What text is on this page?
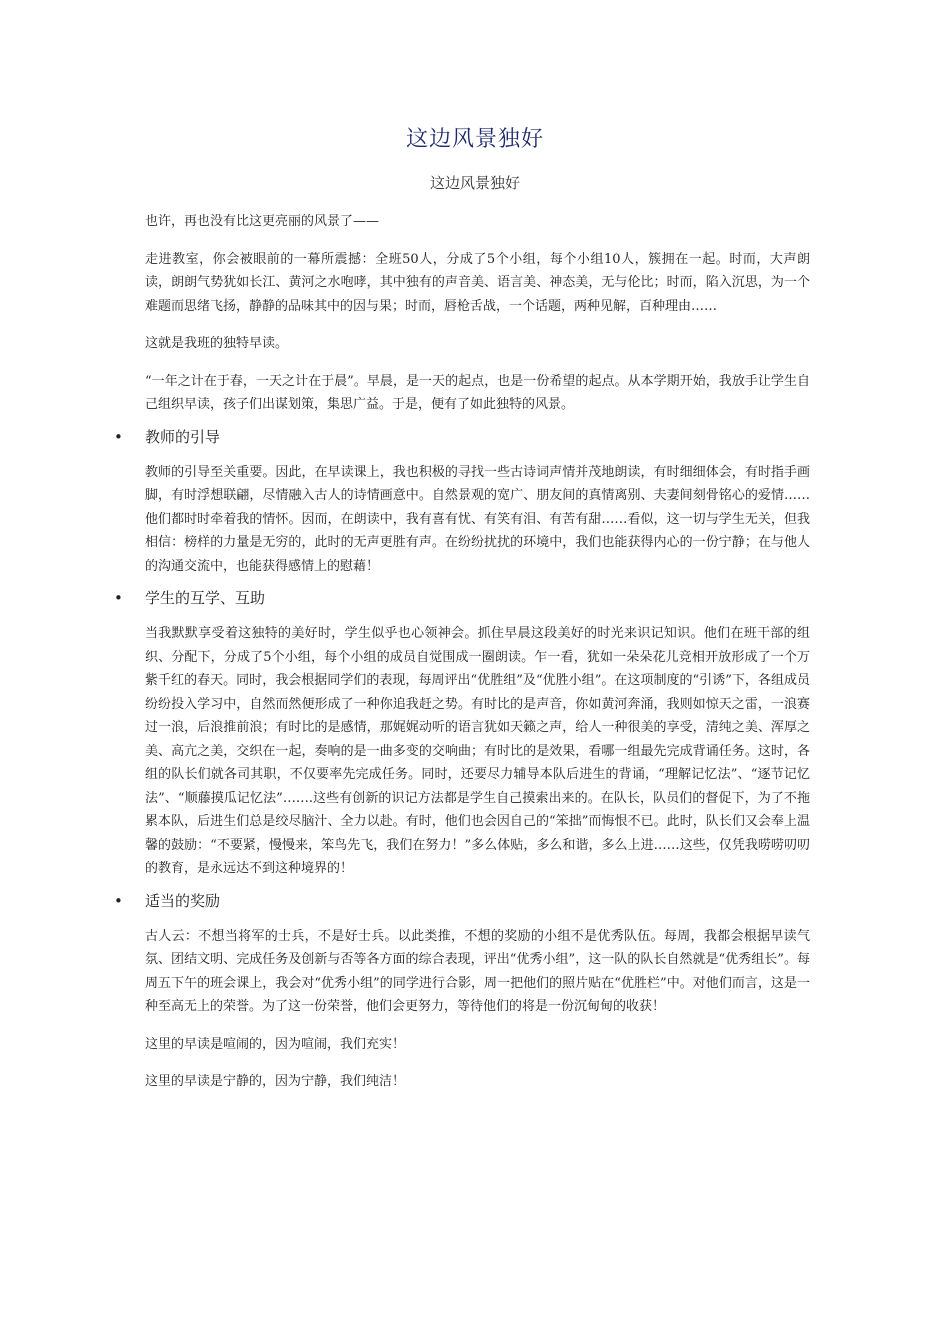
这边风景独好
这边风景独好

也许，再也没有比这更亮丽的风景了——

走进教室，你会被眼前的一幕所震撼：全班50人，分成了5个小组，每个小组10人，簇拥在一起。时而，大声朗读，朗朗气势犹如长江、黄河之水咆哮，其中独有的声音美、语言美、神态美，无与伦比；时而，陷入沉思，为一个难题而思绪飞扬，静静的品味其中的因与果；时而，唇枪舌战，一个话题，两种见解，百种理由……

这就是我班的独特早读。

“一年之计在于春，一天之计在于晨”。早晨，是一天的起点，也是一份希望的起点。从本学期开始，我放手让学生自己组织早读，孩子们出谋划策，集思广益。于是，便有了如此独特的风景。

• 教师的引导

教师的引导至关重要。因此，在早读课上，我也积极的寻找一些古诗词声情并茂地朗读，有时细细体会，有时指手画脚，有时浮想联翩，尽情融入古人的诗情画意中。自然景观的宽广、朋友间的真情离别、夫妻间刻骨铭心的爱情……他们都时时牵着我的情怀。因而，在朗读中，我有喜有忧、有笑有泪、有苦有甜……看似，这一切与学生无关，但我相信：榜样的力量是无穷的，此时的无声更胜有声。在纷纷扰扰的环境中，我们也能获得内心的一份宁静；在与他人的沟通交流中，也能获得感情上的慰藉！

• 学生的互学、互助

当我默默享受着这独特的美好时，学生似乎也心领神会。抓住早晨这段美好的时光来识记知识。他们在班干部的组织、分配下，分成了5个小组，每个小组的成员自觉围成一圈朗读。乍一看，犹如一朵朵花儿竞相开放形成了一个万紫千红的春天。同时，我会根据同学们的表现，每周评出“优胜组”及“优胜小组”。在这项制度的“引诱”下，各组成员纷纷投入学习中，自然而然便形成了一种你追我赶之势。有时比的是声音，你如黄河奔涌，我则如惊天之雷，一浪赛过一浪，后浪推前浪；有时比的是感情，那娓娓动听的语言犹如天籁之声，给人一种很美的享受，清纯之美、浑厚之美、高亢之美，交织在一起，奏响的是一曲多变的交响曲；有时比的是效果，看哪一组最先完成背诵任务。这时，各组的队长们就各司其职，不仅要率先完成任务。同时，还要尽力辅导本队后进生的背诵，“理解记忆法”、“逐节记忆法”、“顺藤摸瓜记忆法”…….这些有创新的识记方法都是学生自己摸索出来的。在队长，队员们的督促下，为了不拖累本队，后进生们总是绞尽脑汁、全力以赴。有时，他们也会因自己的“笨拙”而悔恨不已。此时，队长们又会奉上温馨的鼓励：“不要紧，慢慢来，笨鸟先飞，我们在努力！”多么体贴，多么和谐，多么上进……这些，仅凭我唠唠叨叨的教育，是永远达不到这种境界的！

• 适当的奖励

古人云：不想当将军的士兵，不是好士兵。以此类推，不想的奖励的小组不是优秀队伍。每周，我都会根据早读气氛、团结文明、完成任务及创新与否等各方面的综合表现，评出“优秀小组”，这一队的队长自然就是“优秀组长”。每周五下午的班会课上，我会对“优秀小组”的同学进行合影，周一把他们的照片贴在“优胜栏”中。对他们而言，这是一种至高无上的荣誉。为了这一份荣誉，他们会更努力，等待他们的将是一份沉甸甸的收获！

这里的早读是喧闹的，因为喧闹，我们充实！

这里的早读是宁静的，因为宁静，我们纯洁！
